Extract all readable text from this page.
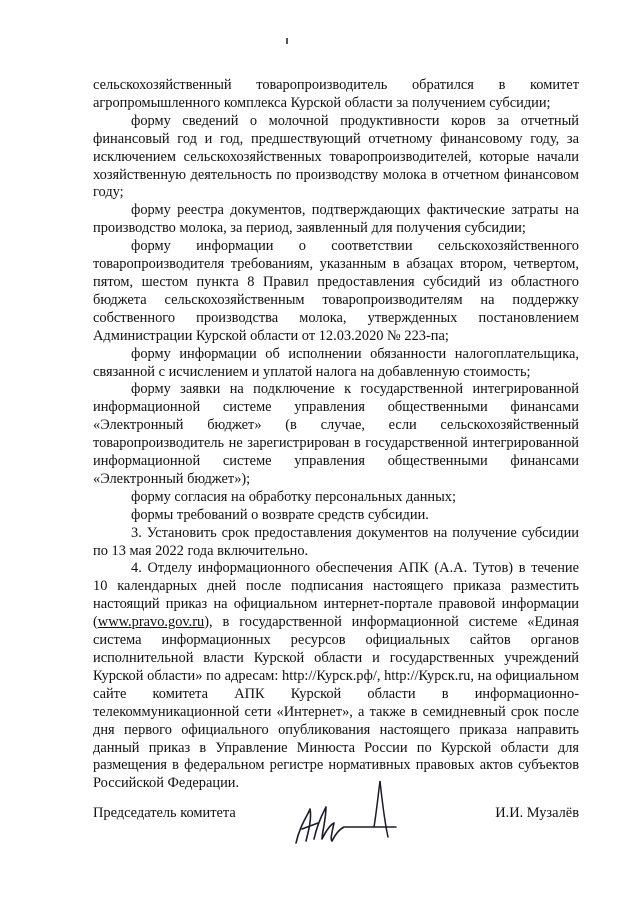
сельскохозяйственный товаропроизводитель обратился в комитет агропромышленного комплекса Курской области за получением субсидии;

форму сведений о молочной продуктивности коров за отчетный финансовый год и год, предшествующий отчетному финансовому году, за исключением сельскохозяйственных товаропроизводителей, которые начали хозяйственную деятельность по производству молока в отчетном финансовом году;

форму реестра документов, подтверждающих фактические затраты на производство молока, за период, заявленный для получения субсидии;

форму информации о соответствии сельскохозяйственного товаропроизводителя требованиям, указанным в абзацах втором, четвертом, пятом, шестом пункта 8 Правил предоставления субсидий из областного бюджета сельскохозяйственным товаропроизводителям на поддержку собственного производства молока, утвержденных постановлением Администрации Курской области от 12.03.2020 № 223-па;

форму информации об исполнении обязанности налогоплательщика, связанной с исчислением и уплатой налога на добавленную стоимость;

форму заявки на подключение к государственной интегрированной информационной системе управления общественными финансами «Электронный бюджет» (в случае, если сельскохозяйственный товаропроизводитель не зарегистрирован в государственной интегрированной информационной системе управления общественными финансами «Электронный бюджет»);

форму согласия на обработку персональных данных;

формы требований о возврате средств субсидии.

3. Установить срок предоставления документов на получение субсидии по 13 мая 2022 года включительно.

4. Отделу информационного обеспечения АПК (А.А. Тутов) в течение 10 календарных дней после подписания настоящего приказа разместить настоящий приказ на официальном интернет-портале правовой информации (www.pravo.gov.ru), в государственной информационной системе «Единая система информационных ресурсов официальных сайтов органов исполнительной власти Курской области и государственных учреждений Курской области» по адресам: http://Курск.рф/, http://Курск.ru, на официальном сайте комитета АПК Курской области в информационно-телекоммуникационной сети «Интернет», а также в семидневный срок после дня первого официального опубликования настоящего приказа направить данный приказ в Управление Минюста России по Курской области для размещения в федеральном регистре нормативных правовых актов субъектов Российской Федерации.

Председатель комитета	И.И. Музалёв
